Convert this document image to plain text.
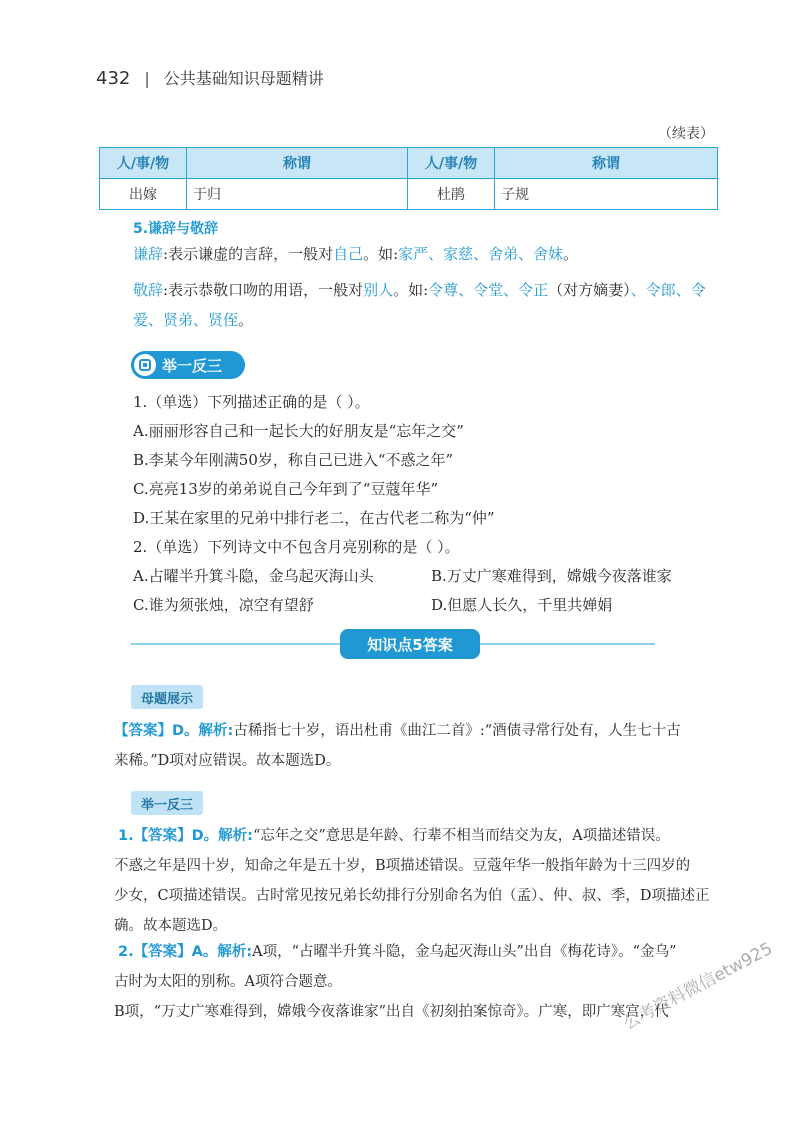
432 | 公共基础知识母题精讲
（续表）
人/事/物	称谓	人/事/物	称谓
出嫁	于归	杜鹃	子规
5.谦辞与敬辞
谦辞:表示谦虚的言辞，一般对自己。如:家严、家慈、舍弟、舍妹。
敬辞:表示恭敬口吻的用语，一般对别人。如:令尊、令堂、令正（对方嫡妻）、令郎、令
爱、贤弟、贤侄。
举一反三
1.（单选）下列描述正确的是（ ）。
A.丽丽形容自己和一起长大的好朋友是“忘年之交”
B.李某今年刚满50岁，称自己已进入“不惑之年”
C.亮亮13岁的弟弟说自己今年到了“豆蔻年华”
D.王某在家里的兄弟中排行老二，在古代老二称为“仲”
2.（单选）下列诗文中不包含月亮别称的是（ ）。
A.占曜半升箕斗隐，金乌起灭海山头	B.万丈广寒难得到，嫦娥今夜落谁家
C.谁为须张烛，凉空有望舒	D.但愿人长久，千里共婵娟
知识点5答案
母题展示
【答案】D。解析:古稀指七十岁，语出杜甫《曲江二首》:“酒债寻常行处有，人生七十古
来稀。”D项对应错误。故本题选D。
举一反三
1.【答案】D。解析:“忘年之交”意思是年龄、行辈不相当而结交为友，A项描述错误。
不惑之年是四十岁，知命之年是五十岁，B项描述错误。豆蔻年华一般指年龄为十三四岁的
少女，C项描述错误。古时常见按兄弟长幼排行分别命名为伯（孟）、仲、叔、季，D项描述正
确。故本题选D。
2.【答案】A。解析:A项，“占曜半升箕斗隐，金乌起灭海山头”出自《梅花诗》。“金乌”
古时为太阳的别称。A项符合题意。
B项，“万丈广寒难得到，嫦娥今夜落谁家”出自《初刻拍案惊奇》。广寒，即广寒宫，代
公考资料微信etw925
